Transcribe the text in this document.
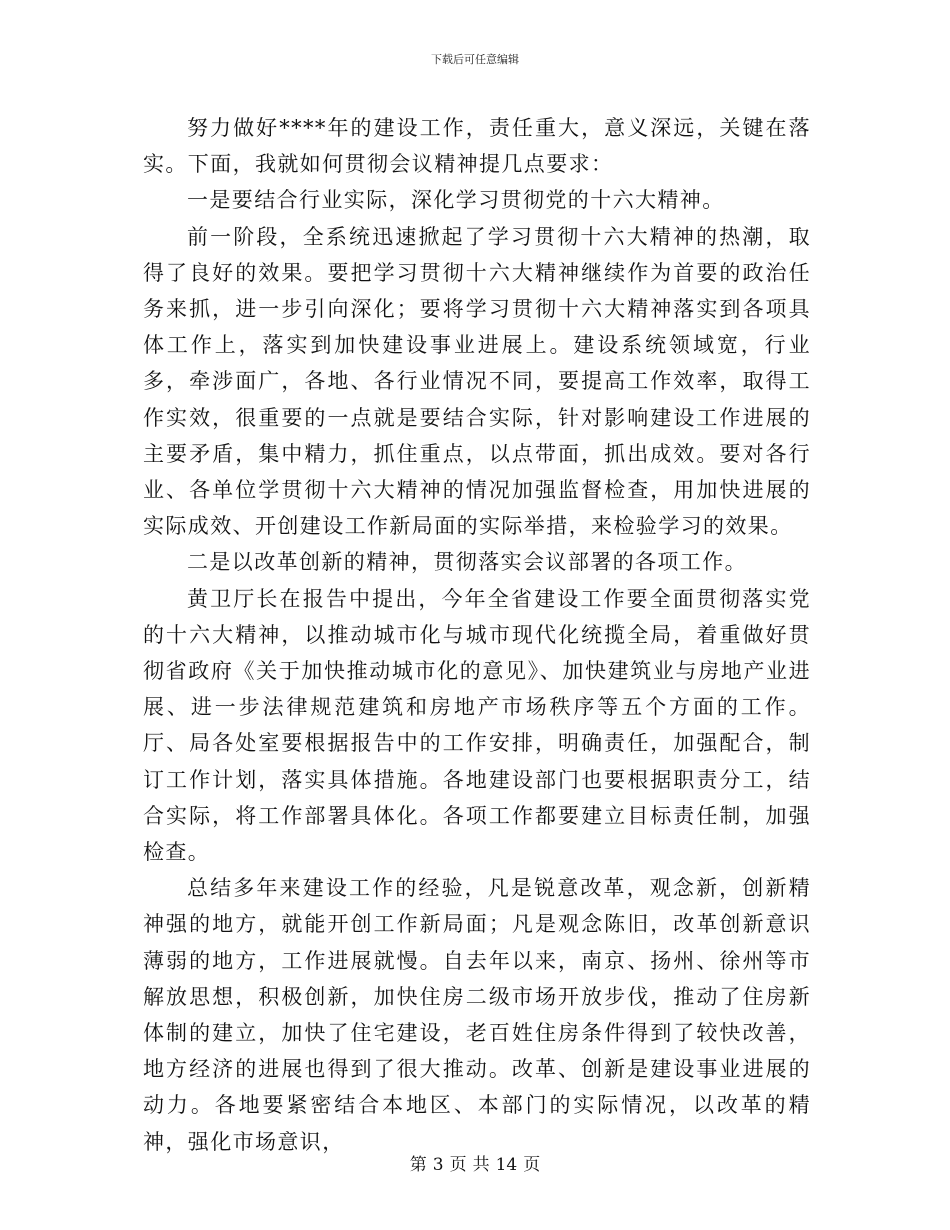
下载后可任意编辑

努力做好****年的建设工作，责任重大，意义深远，关键在落实。下面，我就如何贯彻会议精神提几点要求：

一是要结合行业实际，深化学习贯彻党的十六大精神。

前一阶段，全系统迅速掀起了学习贯彻十六大精神的热潮，取得了良好的效果。要把学习贯彻十六大精神继续作为首要的政治任务来抓，进一步引向深化；要将学习贯彻十六大精神落实到各项具体工作上，落实到加快建设事业进展上。建设系统领域宽，行业多，牵涉面广，各地、各行业情况不同，要提高工作效率，取得工作实效，很重要的一点就是要结合实际，针对影响建设工作进展的主要矛盾，集中精力，抓住重点，以点带面，抓出成效。要对各行业、各单位学贯彻十六大精神的情况加强监督检查，用加快进展的实际成效、开创建设工作新局面的实际举措，来检验学习的效果。

二是以改革创新的精神，贯彻落实会议部署的各项工作。

黄卫厅长在报告中提出，今年全省建设工作要全面贯彻落实党的十六大精神，以推动城市化与城市现代化统揽全局，着重做好贯彻省政府《关于加快推动城市化的意见》、加快建筑业与房地产业进展、进一步法律规范建筑和房地产市场秩序等五个方面的工作。厅、局各处室要根据报告中的工作安排，明确责任，加强配合，制订工作计划，落实具体措施。各地建设部门也要根据职责分工，结合实际，将工作部署具体化。各项工作都要建立目标责任制，加强检查。

总结多年来建设工作的经验，凡是锐意改革，观念新，创新精神强的地方，就能开创工作新局面；凡是观念陈旧，改革创新意识薄弱的地方，工作进展就慢。自去年以来，南京、扬州、徐州等市解放思想，积极创新，加快住房二级市场开放步伐，推动了住房新体制的建立，加快了住宅建设，老百姓住房条件得到了较快改善，地方经济的进展也得到了很大推动。改革、创新是建设事业进展的动力。各地要紧密结合本地区、本部门的实际情况，以改革的精神，强化市场意识，

第 3 页 共 14 页
